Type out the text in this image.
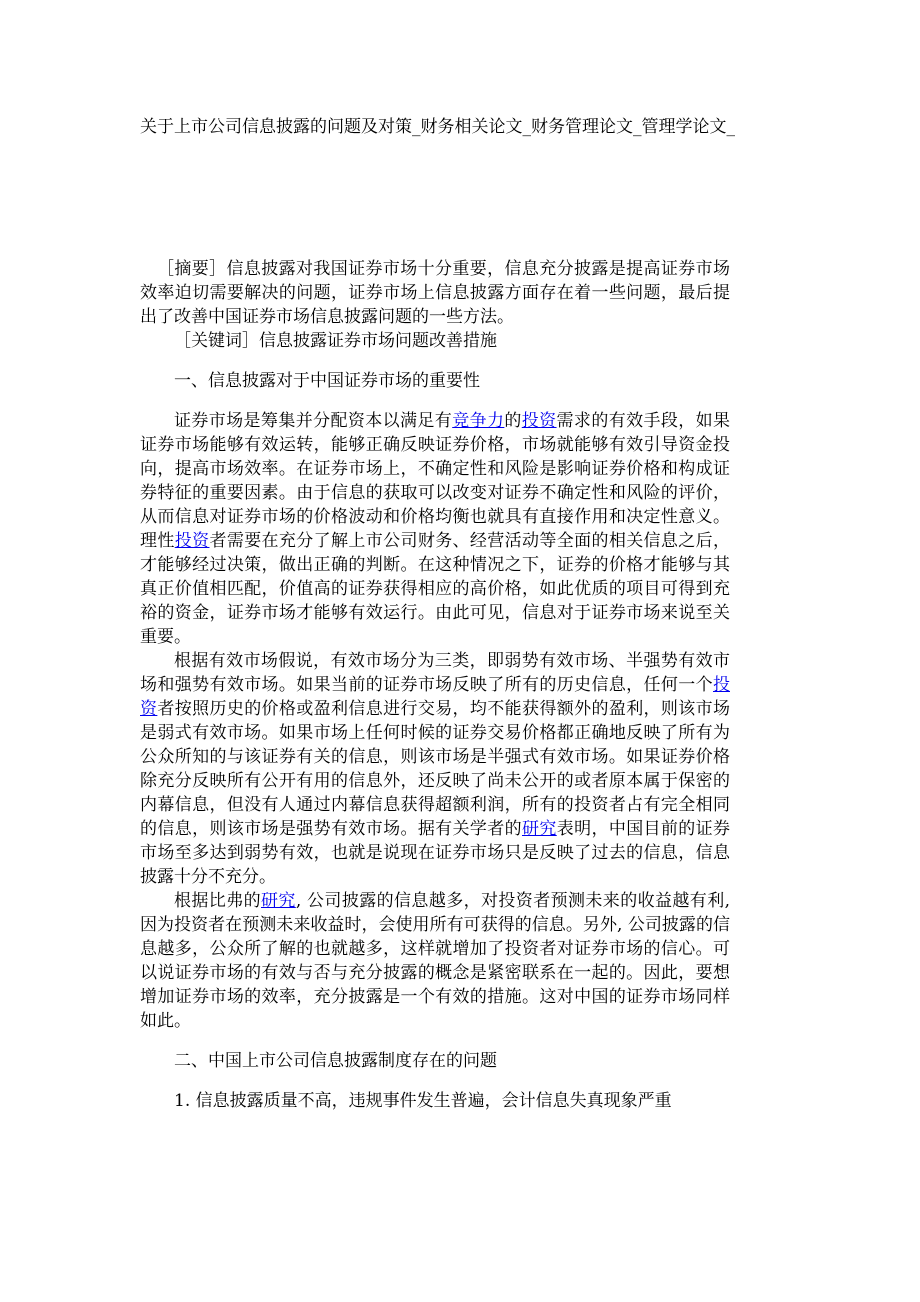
关于上市公司信息披露的问题及对策_财务相关论文_财务管理论文_管理学论文_

［摘要］信息披露对我国证券市场十分重要，信息充分披露是提高证券市场效率迫切需要解决的问题，证券市场上信息披露方面存在着一些问题，最后提出了改善中国证券市场信息披露问题的一些方法。

［关键词］信息披露证券市场问题改善措施

一、信息披露对于中国证券市场的重要性

证券市场是筹集并分配资本以满足有竞争力的投资需求的有效手段，如果证券市场能够有效运转，能够正确反映证券价格，市场就能够有效引导资金投向，提高市场效率。在证券市场上，不确定性和风险是影响证券价格和构成证券特征的重要因素。由于信息的获取可以改变对证券不确定性和风险的评价，从而信息对证券市场的价格波动和价格均衡也就具有直接作用和决定性意义。理性投资者需要在充分了解上市公司财务、经营活动等全面的相关信息之后，才能够经过决策，做出正确的判断。在这种情况之下，证券的价格才能够与其真正价值相匹配，价值高的证券获得相应的高价格，如此优质的项目可得到充裕的资金，证券市场才能够有效运行。由此可见，信息对于证券市场来说至关重要。

根据有效市场假说，有效市场分为三类，即弱势有效市场、半强势有效市场和强势有效市场。如果当前的证券市场反映了所有的历史信息，任何一个投资者按照历史的价格或盈利信息进行交易，均不能获得额外的盈利，则该市场是弱式有效市场。如果市场上任何时候的证券交易价格都正确地反映了所有为公众所知的与该证券有关的信息，则该市场是半强式有效市场。如果证券价格除充分反映所有公开有用的信息外，还反映了尚未公开的或者原本属于保密的内幕信息，但没有人通过内幕信息获得超额利润，所有的投资者占有完全相同的信息，则该市场是强势有效市场。据有关学者的研究表明，中国目前的证券市场至多达到弱势有效，也就是说现在证券市场只是反映了过去的信息，信息披露十分不充分。

根据比弗的研究, 公司披露的信息越多，对投资者预测未来的收益越有利, 因为投资者在预测未来收益时，会使用所有可获得的信息。另外, 公司披露的信息越多，公众所了解的也就越多，这样就增加了投资者对证券市场的信心。可以说证券市场的有效与否与充分披露的概念是紧密联系在一起的。因此，要想增加证券市场的效率，充分披露是一个有效的措施。这对中国的证券市场同样如此。

二、中国上市公司信息披露制度存在的问题

1. 信息披露质量不高，违规事件发生普遍，会计信息失真现象严重
